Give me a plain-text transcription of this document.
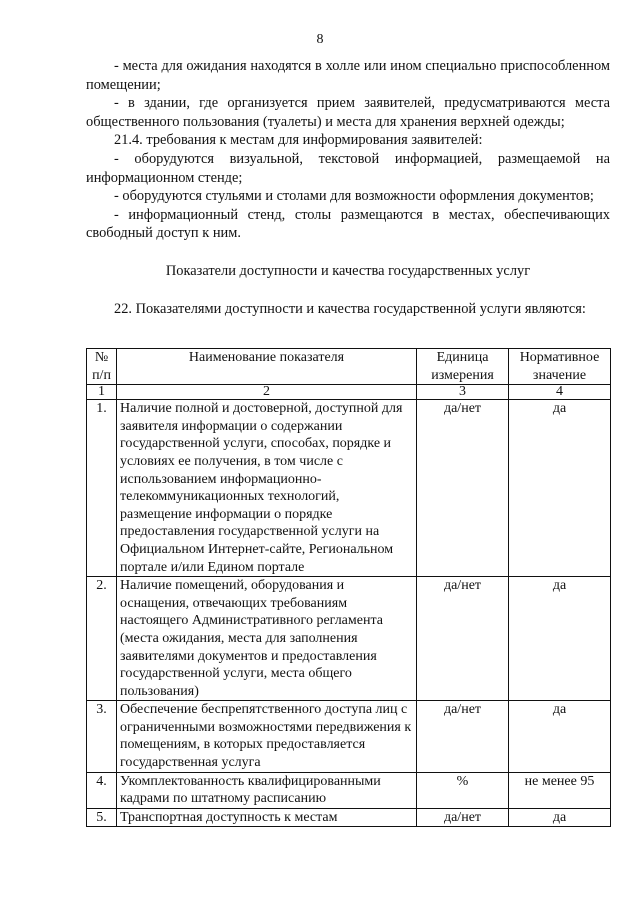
8

- места для ожидания находятся в холле или ином специально приспособленном помещении;

- в здании, где организуется прием заявителей, предусматриваются места общественного пользования (туалеты) и места для хранения верхней одежды;

21.4. требования к местам для информирования заявителей:

- оборудуются визуальной, текстовой информацией, размещаемой на информационном стенде;

- оборудуются стульями и столами для возможности оформления документов;

- информационный стенд, столы размещаются в местах, обеспечивающих свободный доступ к ним.

Показатели доступности и качества государственных услуг

22. Показателями доступности и качества государственной услуги являются:

№ п/п	Наименование показателя	Единица измерения	Нормативное значение
1	2	3	4
1.	Наличие полной и достоверной, доступной для заявителя информации о содержании государственной услуги, способах, порядке и условиях ее получения, в том числе с использованием информационно-телекоммуникационных технологий, размещение информации о порядке предоставления государственной услуги на Официальном Интернет-сайте, Региональном портале и/или Едином портале	да/нет	да
2.	Наличие помещений, оборудования и оснащения, отвечающих требованиям настоящего Административного регламента (места ожидания, места для заполнения заявителями документов и предоставления государственной услуги, места общего пользования)	да/нет	да
3.	Обеспечение беспрепятственного доступа лиц с ограниченными возможностями передвижения к помещениям, в которых предоставляется государственная услуга	да/нет	да
4.	Укомплектованность квалифицированными кадрами по штатному расписанию	%	не менее 95
5.	Транспортная доступность к местам	да/нет	да
